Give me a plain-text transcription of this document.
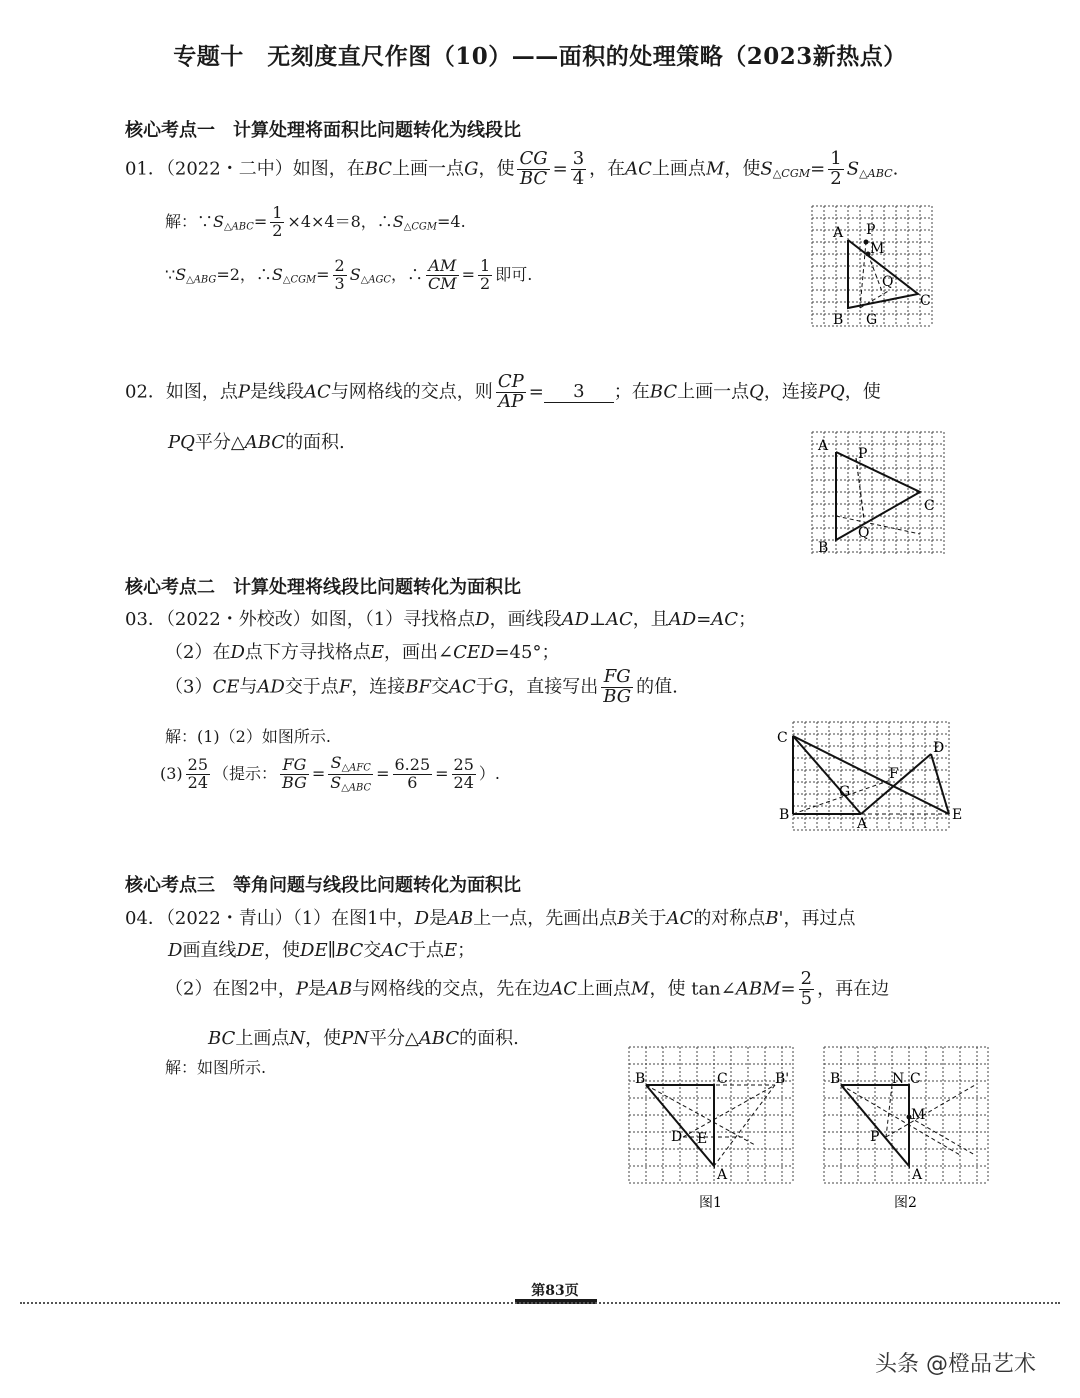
专题十　无刻度直尺作图（10）——面积的处理策略（2023新热点）
核心考点一　计算处理将面积比问题转化为线段比
01．（2022・二中）如图，在BC上画一点G，使 $\frac{CG}{BC} = \frac{3}{4}$ ，在AC上画点M，使$S_{\triangle CGM}= \frac{1}{2} S_{\triangle ABC}$.
解：$\because S_{\triangle ABC}= \frac{1}{2} \times 4\times 4=8$，$\therefore S_{\triangle CGM}=4$.
$\because S_{\triangle ABG}=2$，$\therefore S_{\triangle CGM}= \frac{2}{3} S_{\triangle AGC}$，∴ $\frac{AM}{CM} = \frac{1}{2}$ 即可.
A P
M
Q
C
B G
02．如图，点P是线段AC与网格线的交点，则 $\frac{CP}{AP} = 3$ ；在BC上画一点Q，连接PQ，使
PQ平分△ABC的面积.	A P
C
Q
B
核心考点二　计算处理将线段比问题转化为面积比
03．（2022・外校改）如图，（1）寻找格点D，画线段AD⊥AC，且AD=AC；
（2）在D点下方寻找格点E，画出∠CED=45°；
（3）CE与AD交于点F，连接BF交AC于G，直接写出 $\frac{FG}{BG}$ 的值.
解：(1)（2）如图所示.
$(3) \frac{25}{24}$ （提示： $\frac{FG}{BG} = \frac{S_{\triangle AFC}}{S_{\triangle ABC}} = \frac{6.25}{6} = \frac{25}{24}$ ）.
C
D
F
G
B
A
E
核心考点三　等角问题与线段比问题转化为面积比
04．（2022・青山）（1）在图1中，D是AB上一点，先画出点B关于AC的对称点B'，再过点
D画直线DE，使DE∥BC交AC于点E；
（2）在图2中，P是AB与网格线的交点，先在边AC上画点M，使 tan∠ABM= $\frac{2}{5}$ ，再在边
BC上画点N，使PN平分△ABC的面积.
解：如图所示.
B	C	B'
D E
A
图1
B	N C
M
P
A
图2
第83页
头条 @橙品艺术
